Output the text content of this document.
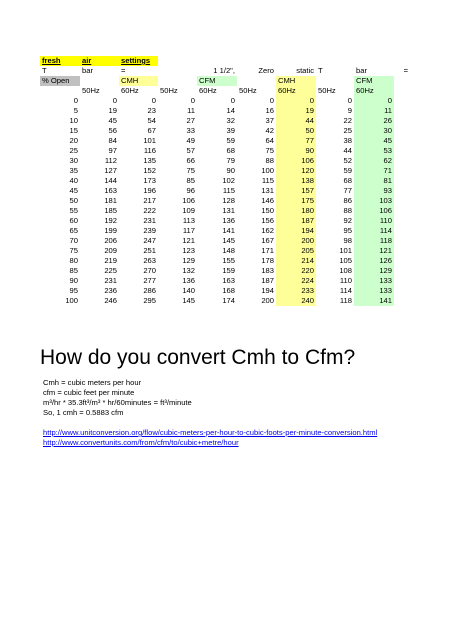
fresh	air	settings							
T	bar	=		1 1/2",	Zero	static	T	bar	=
% Open		CMH		CFM		CMH		CFM	
	50Hz	60Hz	50Hz	60Hz	50Hz	60Hz	50Hz	60Hz	
0	0	0	0	0	0	0	0	0	
5	19	23	11	14	16	19	9	11	
10	45	54	27	32	37	44	22	26	
15	56	67	33	39	42	50	25	30	
20	84	101	49	59	64	77	38	45	
25	97	116	57	68	75	90	44	53	
30	112	135	66	79	88	106	52	62	
35	127	152	75	90	100	120	59	71	
40	144	173	85	102	115	138	68	81	
45	163	196	96	115	131	157	77	93	
50	181	217	106	128	146	175	86	103	
55	185	222	109	131	150	180	88	106	
60	192	231	113	136	156	187	92	110	
65	199	239	117	141	162	194	95	114	
70	206	247	121	145	167	200	98	118	
75	209	251	123	148	171	205	101	121	
80	219	263	129	155	178	214	105	126	
85	225	270	132	159	183	220	108	129	
90	231	277	136	163	187	224	110	133	
95	236	286	140	168	194	233	114	133	
100	246	295	145	174	200	240	118	141	
How do you convert Cmh to Cfm?
Cmh = cubic meters per hour
cfm = cubic feet per minute
m³/hr * 35.3ft³/m³ * hr/60minutes = ft³/minute
So, 1 cmh = 0.5883 cfm
http://www.unitconversion.org/flow/cubic-meters-per-hour-to-cubic-foots-per-minute-conversion.html
http://www.convertunits.com/from/cfm/to/cubic+metre/hour
